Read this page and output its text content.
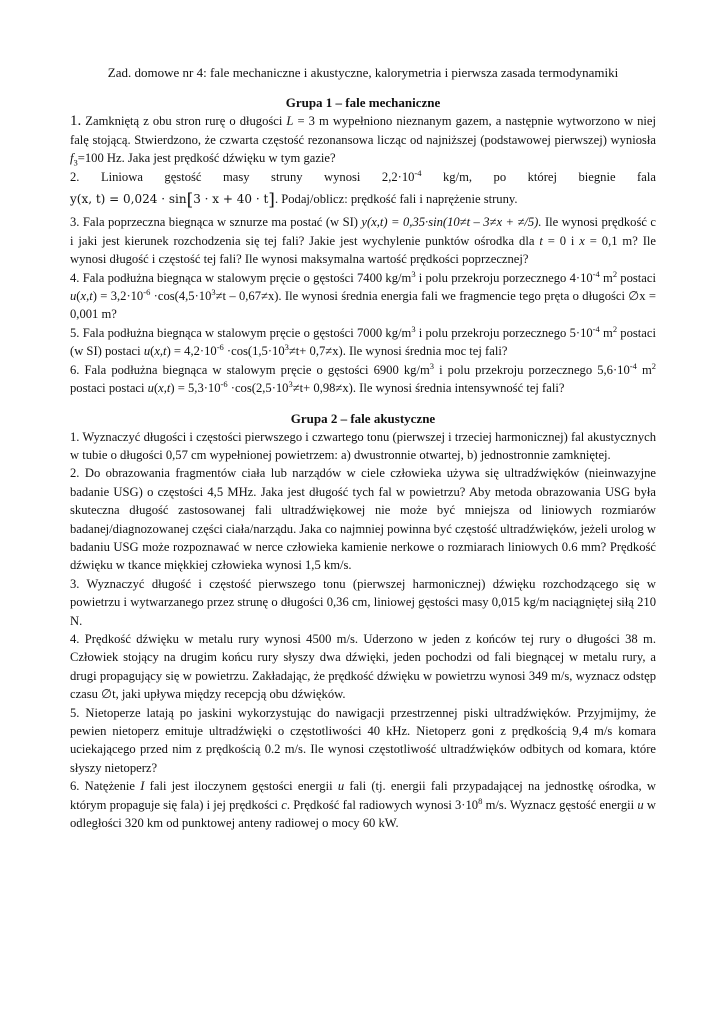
Zad. domowe nr 4: fale mechaniczne i akustyczne, kalorymetria i pierwsza zasada termodynamiki
Grupa 1 – fale mechaniczne

1. Zamkniętą z obu stron rurę o długości L = 3 m wypełniono nieznanym gazem, a następnie wytworzono w niej falę stojącą. Stwierdzono, że czwarta częstość rezonansowa licząc od najniższej (podstawowej pierwszej) wyniosła $f_3=100$ Hz. Jaka jest prędkość dźwięku w tym gazie?

2. Liniowa gęstość masy struny wynosi $2,2\cdot 10^{-4}$ kg/m, po której biegnie fala

y(x, t) = 0,024 · sin[3 · x + 40 · t]. Podaj/oblicz: prędkość fali i naprężenie struny.

3. Fala poprzeczna biegnąca w sznurze ma postać (w SI) y(x,t) = 0,35·sin(10≠t – 3≠x + ≠/5). Ile wynosi prędkość c i jaki jest kierunek rozchodzenia się tej fali? Jakie jest wychylenie punktów ośrodka dla t = 0 i x = 0,1 m? Ile wynosi długość i częstość tej fali? Ile wynosi maksymalna wartość prędkości poprzecznej?

4. Fala podłużna biegnąca w stalowym pręcie o gęstości 7400 $kg/m^3$ i polu przekroju porzecznego $4\cdot 10^{-4}$ $m^2$ postaci $u(x,t) = 3,2\cdot 10^{-6} \cdot\cos(4,5\cdot 10^3\ne t - 0,67\ne x)$. Ile wynosi średnia energia fali we fragmencie tego pręta o długości ∅x = 0,001 m?

5. Fala podłużna biegnąca w stalowym pręcie o gęstości 7000 $kg/m^3$ i polu przekroju porzecznego $5\cdot 10^{-4}$ $m^2$ postaci (w SI) postaci $u(x,t) = 4,2\cdot 10^{-6} \cdot\cos(1,5\cdot 10^3\ne t+ 0,7\ne x)$. Ile wynosi średnia moc tej fali?

6. Fala podłużna biegnąca w stalowym pręcie o gęstości 6900 $kg/m^3$ i polu przekroju porzecznego $5,6\cdot 10^{-4}$ $m^2$ postaci postaci $u(x,t) = 5,3\cdot 10^{-6} \cdot\cos(2,5\cdot 10^3\ne t+ 0,98\ne x)$. Ile wynosi średnia intensywność tej fali?

Grupa 2 – fale akustyczne

1. Wyznaczyć długości i częstości pierwszego i czwartego tonu (pierwszej i trzeciej harmonicznej) fal akustycznych w tubie o długości 0,57 cm wypełnionej powietrzem: a) dwustronnie otwartej, b) jednostronnie zamkniętej.

2. Do obrazowania fragmentów ciała lub narządów w ciele człowieka używa się ultradźwięków (nieinwazyjne badanie USG) o częstości 4,5 MHz. Jaka jest długość tych fal w powietrzu? Aby metoda obrazowania USG była skuteczna długość zastosowanej fali ultradźwiękowej nie może być mniejsza od liniowych rozmiarów badanej/diagnozowanej części ciała/narządu. Jaka co najmniej powinna być częstość ultradźwięków, jeżeli urolog w badaniu USG może rozpoznawać w nerce człowieka kamienie nerkowe o rozmiarach liniowych 0.6 mm? Prędkość dźwięku w tkance miękkiej człowieka wynosi 1,5 km/s.

3. Wyznaczyć długość i częstość pierwszego tonu (pierwszej harmonicznej) dźwięku rozchodzącego się w powietrzu i wytwarzanego przez strunę o długości 0,36 cm, liniowej gęstości masy 0,015 kg/m naciągniętej siłą 210 N.

4. Prędkość dźwięku w metalu rury wynosi 4500 m/s. Uderzono w jeden z końców tej rury o długości 38 m. Człowiek stojący na drugim końcu rury słyszy dwa dźwięki, jeden pochodzi od fali biegnącej w metalu rury, a drugi propagujący się w powietrzu. Zakładając, że prędkość dźwięku w powietrzu wynosi 349 m/s, wyznacz odstęp czasu ∅t, jaki upływa między recepcją obu dźwięków.

5. Nietoperze latają po jaskini wykorzystując do nawigacji przestrzennej piski ultradźwięków. Przyjmijmy, że pewien nietoperz emituje ultradźwięki o częstotliwości 40 kHz. Nietoperz goni z prędkością 9,4 m/s komara uciekającego przed nim z prędkością 0.2 m/s. Ile wynosi częstotliwość ultradźwięków odbitych od komara, które słyszy nietoperz?

6. Natężenie I fali jest iloczynem gęstości energii u fali (tj. energii fali przypadającej na jednostkę ośrodka, w którym propaguje się fala) i jej prędkości c. Prędkość fal radiowych wynosi $3\cdot 10^8$ m/s. Wyznacz gęstość energii u w odległości 320 km od punktowej anteny radiowej o mocy 60 kW.
